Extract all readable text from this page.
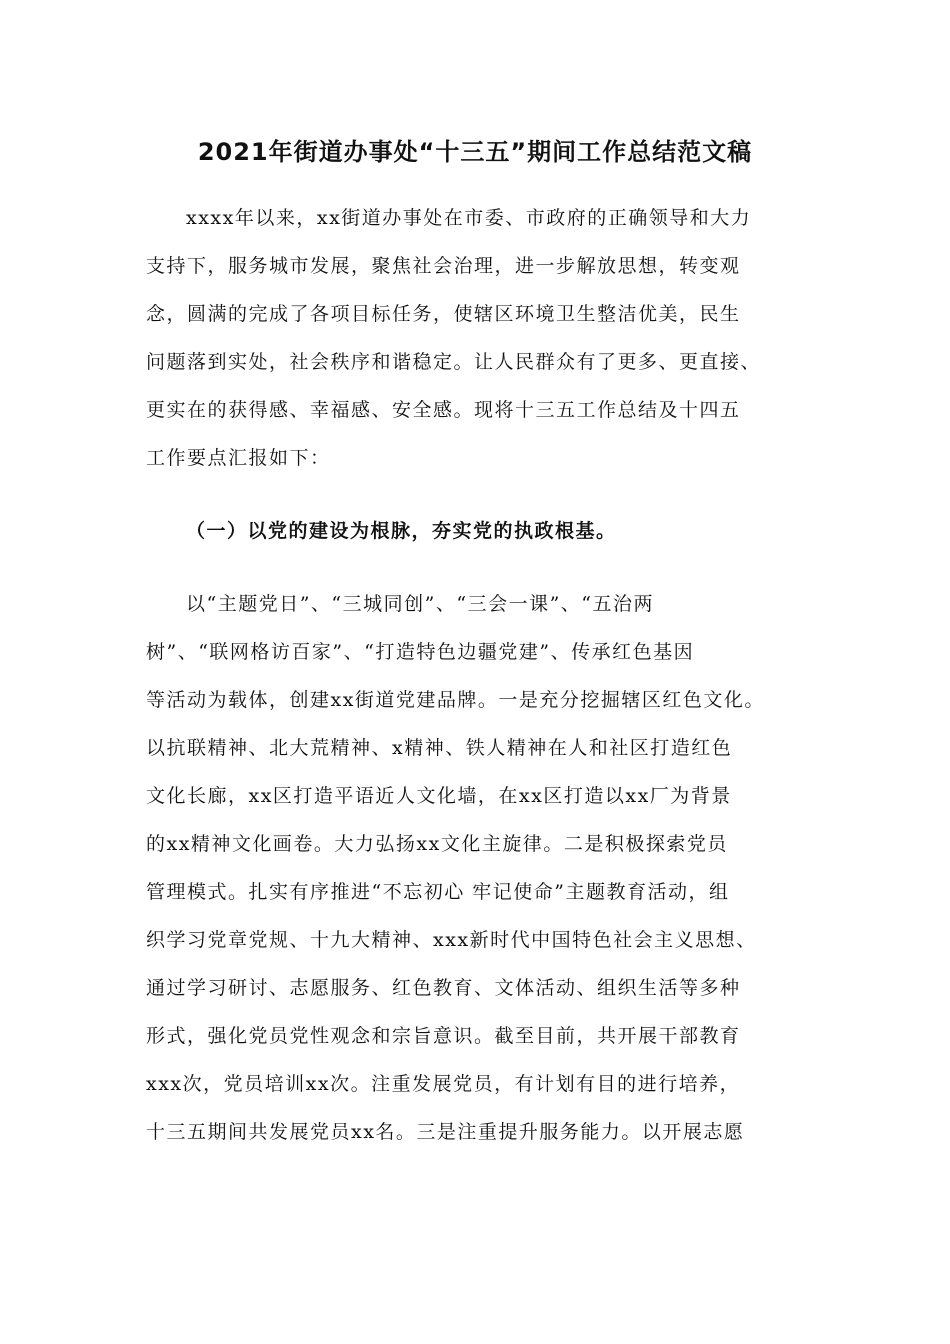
2021年街道办事处“十三五”期间工作总结范文稿
xxxx年以来，xx街道办事处在市委、市政府的正确领导和大力
支持下，服务城市发展，聚焦社会治理，进一步解放思想，转变观
念，圆满的完成了各项目标任务，使辖区环境卫生整洁优美，民生
问题落到实处，社会秩序和谐稳定。让人民群众有了更多、更直接、
更实在的获得感、幸福感、安全感。现将十三五工作总结及十四五
工作要点汇报如下：
（一）以党的建设为根脉，夯实党的执政根基。
以“主题党日”、“三城同创”、“三会一课”、“五治两
树”、“联网格访百家”、“打造特色边疆党建”、传承红色基因
等活动为载体，创建xx街道党建品牌。一是充分挖掘辖区红色文化。
以抗联精神、北大荒精神、x精神、铁人精神在人和社区打造红色
文化长廊，xx区打造平语近人文化墙，在xx区打造以xx厂为背景
的xx精神文化画卷。大力弘扬xx文化主旋律。二是积极探索党员
管理模式。扎实有序推进“不忘初心 牢记使命”主题教育活动，组
织学习党章党规、十九大精神、xxx新时代中国特色社会主义思想、
通过学习研讨、志愿服务、红色教育、文体活动、组织生活等多种
形式，强化党员党性观念和宗旨意识。截至目前，共开展干部教育
xxx次，党员培训xx次。注重发展党员，有计划有目的进行培养，
十三五期间共发展党员xx名。三是注重提升服务能力。以开展志愿
